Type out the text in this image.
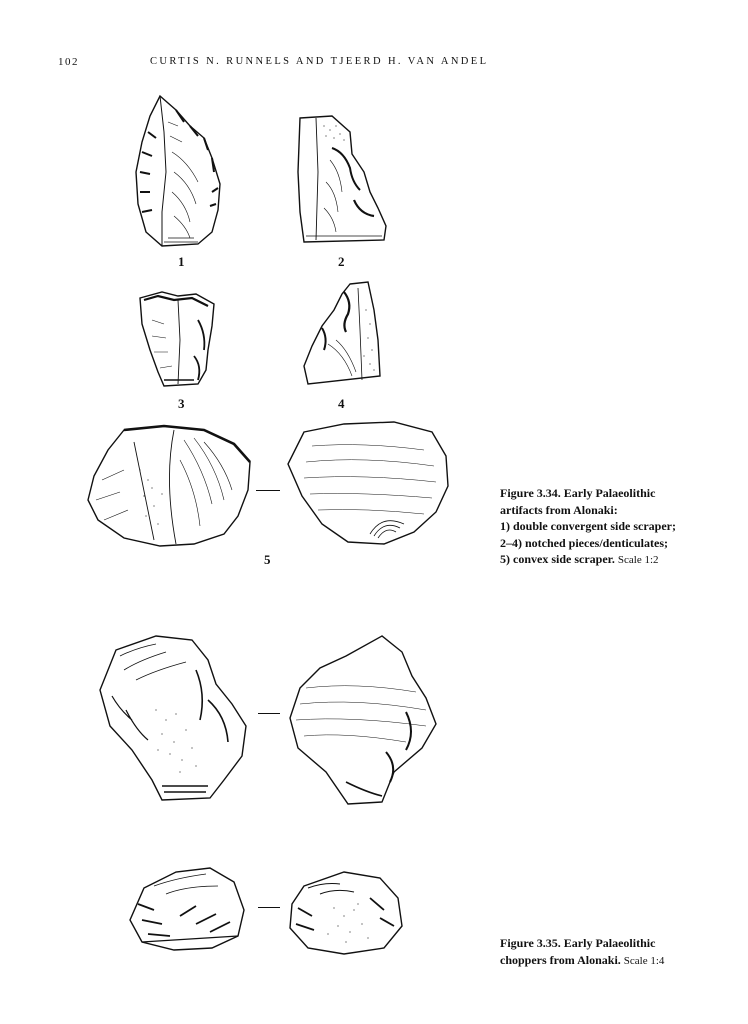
102	CURTIS N. RUNNELS AND TJEERD H. VAN ANDEL
1	2
3	4
5
Figure 3.34. Early Palaeolithic
artifacts from Alonaki:
1) double convergent side scraper;
2–4) notched pieces/denticulates;
5) convex side scraper. Scale 1:2
Figure 3.35. Early Palaeolithic
choppers from Alonaki. Scale 1:4
